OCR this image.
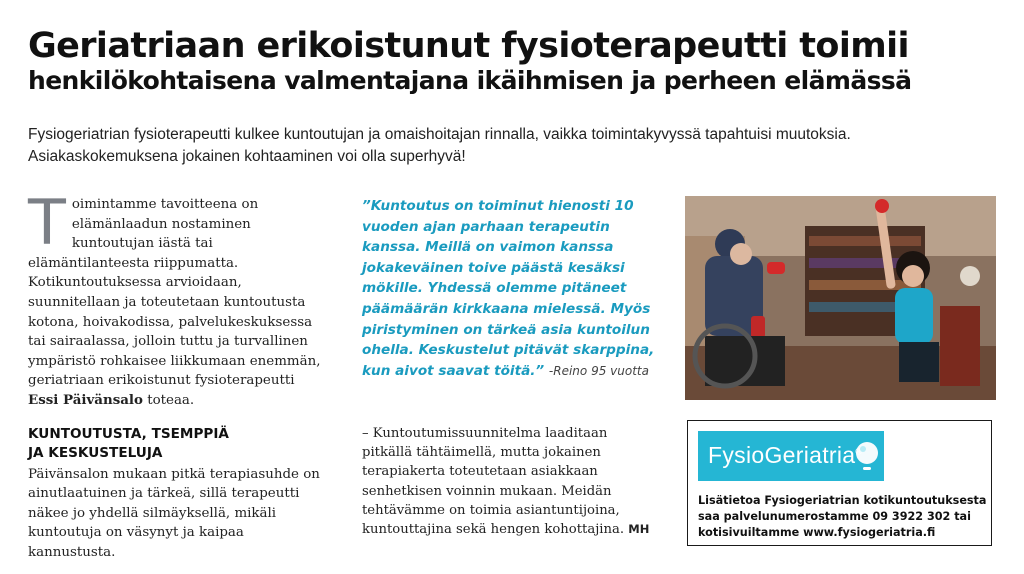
Geriatriaan erikoistunut fysioterapeutti toimii
henkilökohtaisena valmentajana ikäihmisen ja perheen elämässä
Fysiogeriatrian fysioterapeutti kulkee kuntoutujan ja omaishoitajan rinnalla, vaikka toimintakyvyssä tapahtuisi muutoksia. Asiakaskokemuksena jokainen kohtaaminen voi olla superhyvä!

Toimintamme tavoitteena on elämänlaadun nostaminen kuntoutujan iästä tai elämäntilanteesta riippumatta. Kotikuntoutuksessa arvioidaan, suunnitellaan ja toteutetaan kuntoutusta kotona, hoivakodissa, palvelukeskuksessa tai sairaalassa, jolloin tuttu ja turvallinen ympäristö rohkaisee liikkumaan enemmän, geriatriaan erikoistunut fysioterapeutti Essi Päivänsalo toteaa.

KUNTOUTUSTA, TSEMPPIÄ
JA KESKUSTELUJA

Päivänsalon mukaan pitkä terapiasuhde on ainutlaatuinen ja tärkeä, sillä terapeutti näkee jo yhdellä silmäyksellä, mikäli kuntoutuja on väsynyt ja kaipaa kannustusta.

”Kuntoutus on toiminut hienosti 10 vuoden ajan parhaan terapeutin kanssa. Meillä on vaimon kanssa jokakeväinen toive päästä kesäksi mökille. Yhdessä olemme pitäneet päämäärän kirkkaana mielessä. Myös piristyminen on tärkeä asia kuntoilun ohella. Keskustelut pitävät skarppina, kun aivot saavat töitä.” -Reino 95 vuotta
– Kuntoutumissuunnitelma laaditaan pitkällä tähtäimellä, mutta jokainen terapiakerta toteutetaan asiakkaan senhetkisen voinnin mukaan. Meidän tehtävämme on toimia asiantuntijoina, kuntouttajina sekä hengen kohottajina. MH
FysioGeriatria
Lisätietoa Fysiogeriatrian kotikuntoutuksesta
saa palvelunumerostamme 09 3922 302 tai
kotisivuiltamme www.fysiogeriatria.fi
